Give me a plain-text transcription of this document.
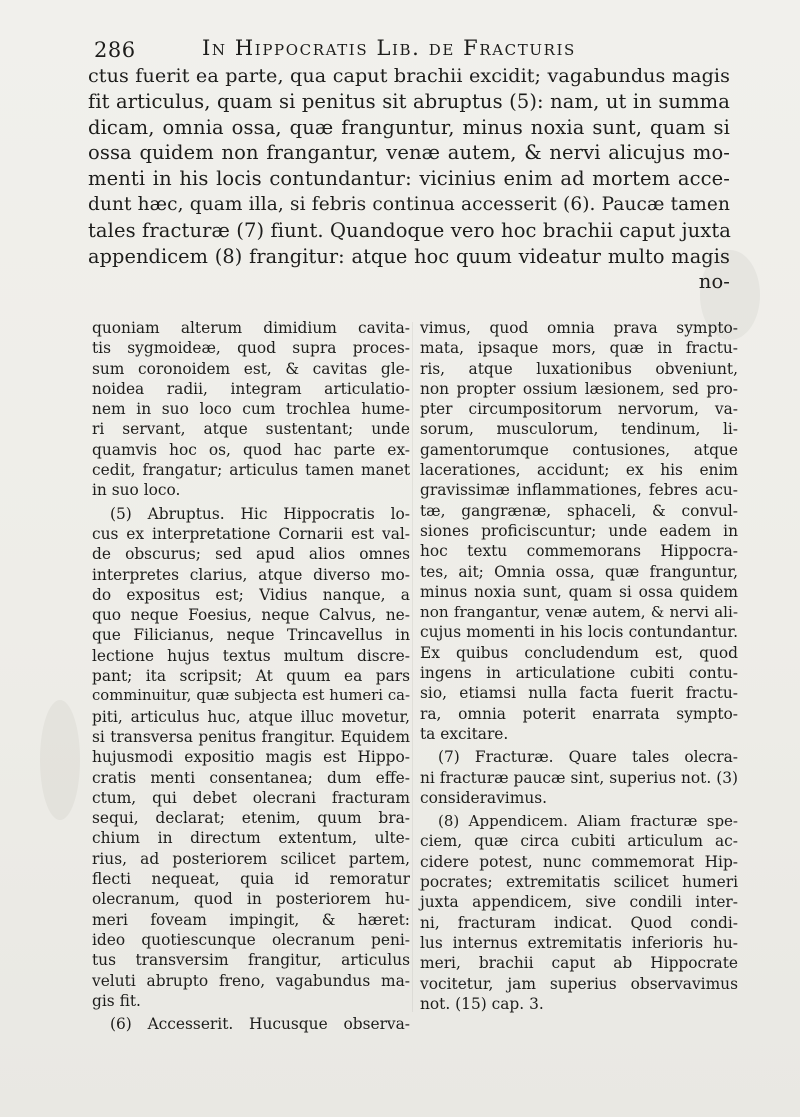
286	In Hippocratis Lib. de Fracturis
ctus fuerit ea parte, qua caput brachii excidit; vagabundus magis
fit articulus, quam si penitus sit abruptus (5): nam, ut in summa
dicam, omnia ossa, quæ franguntur, minus noxia sunt, quam si
ossa quidem non frangantur, venæ autem, & nervi alicujus mo-
menti in his locis contundantur: vicinius enim ad mortem acce-
dunt hæc, quam illa, si febris continua accesserit (6). Paucæ tamen
tales fracturæ (7) fiunt. Quandoque vero hoc brachii caput juxta
appendicem (8) frangitur: atque hoc quum videatur multo magis
no-
quoniam alterum dimidium cavita-
tis sygmoideæ, quod supra proces-
sum coronoidem est, & cavitas gle-
noidea radii, integram articulatio-
nem in suo loco cum trochlea hume-
ri servant, atque sustentant; unde
quamvis hoc os, quod hac parte ex-
cedit, frangatur; articulus tamen manet
in suo loco.
(5) Abruptus. Hic Hippocratis lo-
cus ex interpretatione Cornarii est val-
de obscurus; sed apud alios omnes
interpretes clarius, atque diverso mo-
do expositus est; Vidius nanque, a
quo neque Foesius, neque Calvus, ne-
que Filicianus, neque Trincavellus in
lectione hujus textus multum discre-
pant; ita scripsit; At quum ea pars
comminuitur, quæ subjecta est humeri ca-
piti, articulus huc, atque illuc movetur,
si transversa penitus frangitur. Equidem
hujusmodi expositio magis est Hippo-
cratis menti consentanea; dum effe-
ctum, qui debet olecrani fracturam
sequi, declarat; etenim, quum bra-
chium in directum extentum, ulte-
rius, ad posteriorem scilicet partem,
flecti nequeat, quia id remoratur
olecranum, quod in posteriorem hu-
meri foveam impingit, & hæret:
ideo quotiescunque olecranum peni-
tus transversim frangitur, articulus
veluti abrupto freno, vagabundus ma-
gis fit.
(6) Accesserit. Hucusque observa-
vimus, quod omnia prava sympto-
mata, ipsaque mors, quæ in fractu-
ris, atque luxationibus obveniunt,
non propter ossium læsionem, sed pro-
pter circumpositorum nervorum, va-
sorum, musculorum, tendinum, li-
gamentorumque contusiones, atque
lacerationes, accidunt; ex his enim
gravissimæ inflammationes, febres acu-
tæ, gangrænæ, sphaceli, & convul-
siones proficiscuntur; unde eadem in
hoc textu commemorans Hippocra-
tes, ait; Omnia ossa, quæ franguntur,
minus noxia sunt, quam si ossa quidem
non frangantur, venæ autem, & nervi ali-
cujus momenti in his locis contundantur.
Ex quibus concludendum est, quod
ingens in articulatione cubiti contu-
sio, etiamsi nulla facta fuerit fractu-
ra, omnia poterit enarrata sympto-
ta excitare.
(7) Fracturæ. Quare tales olecra-
ni fracturæ paucæ sint, superius not. (3)
consideravimus.
(8) Appendicem. Aliam fracturæ spe-
ciem, quæ circa cubiti articulum ac-
cidere potest, nunc commemorat Hip-
pocrates; extremitatis scilicet humeri
juxta appendicem, sive condili inter-
ni, fracturam indicat. Quod condi-
lus internus extremitatis inferioris hu-
meri, brachii caput ab Hippocrate
vocitetur, jam superius observavimus
not. (15) cap. 3.
